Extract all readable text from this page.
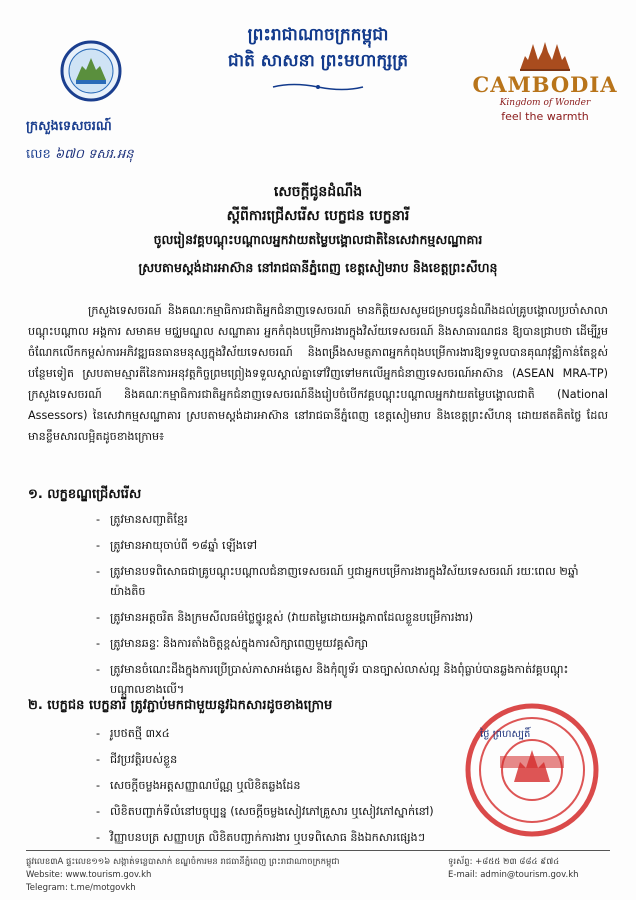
ព្រះរាជាណាចក្រកម្ពុជា
ជាតិ សាសនា ព្រះមហាក្សត្រ
CAMBODIA
Kingdom of Wonder
feel the warmth
ក្រសួងទេសចរណ៍
លេខ ៦៧០ ទសរ.អនុ
សេចក្តីជូនដំណឹង
ស្តីពីការជ្រើសរើស បេក្ខជន បេក្ខនារី
ចូលរៀនវគ្គបណ្តុះបណ្តាលអ្នកវាយតម្លៃបង្គោលជាតិនៃសេវាកម្មសណ្ឋាគារ
ស្របតាមស្តង់ដារអាស៊ាន នៅរាជធានីភ្នំពេញ ខេត្តសៀមរាប និងខេត្តព្រះសីហនុ
ក្រសួងទេសចរណ៍ និងគណៈកម្មាធិការជាតិអ្នកជំនាញទេសចរណ៍ មានកិត្តិយសសូមជម្រាបជូនដំណឹងដល់គ្រូបង្គោលប្រចាំសាលាបណ្តុះបណ្តាល អង្គការ សមាគម មជ្ឈមណ្ឌល សណ្ឋាគារ អ្នកកំពុងបម្រើការងារក្នុងវិស័យទេសចរណ៍ និងសាធារណជន ឱ្យបានជ្រាបថា ដើម្បីរួមចំណែកលើកកម្ពស់ការអភិវឌ្ឍធនធានមនុស្សក្នុងវិស័យទេសចរណ៍ និងពង្រឹងសមត្ថភាពអ្នកកំពុងបម្រើការងារឱ្យទទួលបានគុណវុឌ្ឍិកាន់តែខ្ពស់បន្ថែមទៀត ស្របតាមស្មារតីនៃការអនុវត្តកិច្ចព្រមព្រៀងទទួលស្គាល់គ្នាទៅវិញទៅមកលើអ្នកជំនាញទេសចរណ៍អាស៊ាន (ASEAN MRA-TP) ក្រសួងទេសចរណ៍ និងគណៈកម្មាធិការជាតិអ្នកជំនាញទេសចរណ៍នឹងរៀបចំបើកវគ្គបណ្តុះបណ្តាលអ្នកវាយតម្លៃបង្គោលជាតិ (National Assessors) នៃសេវាកម្មសណ្ឋាគារ ស្របតាមស្តង់ដារអាស៊ាន នៅរាជធានីភ្នំពេញ ខេត្តសៀមរាប និងខេត្តព្រះសីហនុ ដោយឥតគិតថ្លៃ ដែលមានខ្លឹមសារលម្អិតដូចខាងក្រោម៖
១. លក្ខខណ្ឌជ្រើសរើស
- ត្រូវមានសញ្ជាតិខ្មែរ
- ត្រូវមានអាយុចាប់ពី ១៨ឆ្នាំ ឡើងទៅ
- ត្រូវមានបទពិសោធជាគ្រូបណ្តុះបណ្តាលជំនាញទេសចរណ៍ ឬជាអ្នកបម្រើការងារក្នុងវិស័យទេសចរណ៍ រយៈពេល ២ឆ្នាំ យ៉ាងតិច
- ត្រូវមានអត្តចរិត និងក្រមសីលធម៌ថ្លៃថ្នូរខ្ពស់ (វាយតម្លៃដោយអង្គភាពដែលខ្លួនបម្រើការងារ)
- ត្រូវមានឆន្ទៈ និងការតាំងចិត្តខ្ពស់ក្នុងការសិក្សាពេញមួយវគ្គសិក្សា
- ត្រូវមានចំណេះដឹងក្នុងការប្រើប្រាស់ភាសាអង់គ្លេស និងកុំព្យូទ័រ បានច្បាស់លាស់ល្អ និងពុំធ្លាប់បានឆ្លងកាត់វគ្គបណ្តុះបណ្តាលខាងលើ។
២. បេក្ខជន បេក្ខនារី ត្រូវភ្ជាប់មកជាមួយនូវឯកសារដូចខាងក្រោម
- រូបថតថ្មី ៣x៤
- ជីវប្រវត្តិរបស់ខ្លួន
- សេចក្តីចម្លងអត្តសញ្ញាណប័ណ្ណ ឬលិខិតឆ្លងដែន
- លិខិតបញ្ជាក់ទីលំនៅបច្ចុប្បន្ន (សេចក្តីចម្លងសៀវភៅគ្រួសារ ឬសៀវភៅស្នាក់នៅ)
- វិញ្ញាបនបត្រ សញ្ញាបត្រ លិខិតបញ្ជាក់ការងារ ឬបទពិសោធ និងឯកសារផ្សេងៗ
ថ្ងៃ ព្រហស្បតិ៍
ផ្លូវលេខ៣A ផ្ទះលេខ១១៦ សង្កាត់ទន្លេបាសាក់ ខណ្ឌចំការមន រាជធានីភ្នំពេញ ព្រះរាជាណាចក្រកម្ពុជា
Website: www.tourism.gov.kh
Telegram: t.me/motgovkh
ទូរស័ព្ទ: +៨៥៥ ២៣ ៨៨៤ ៩៧៤
E-mail: admin@tourism.gov.kh
